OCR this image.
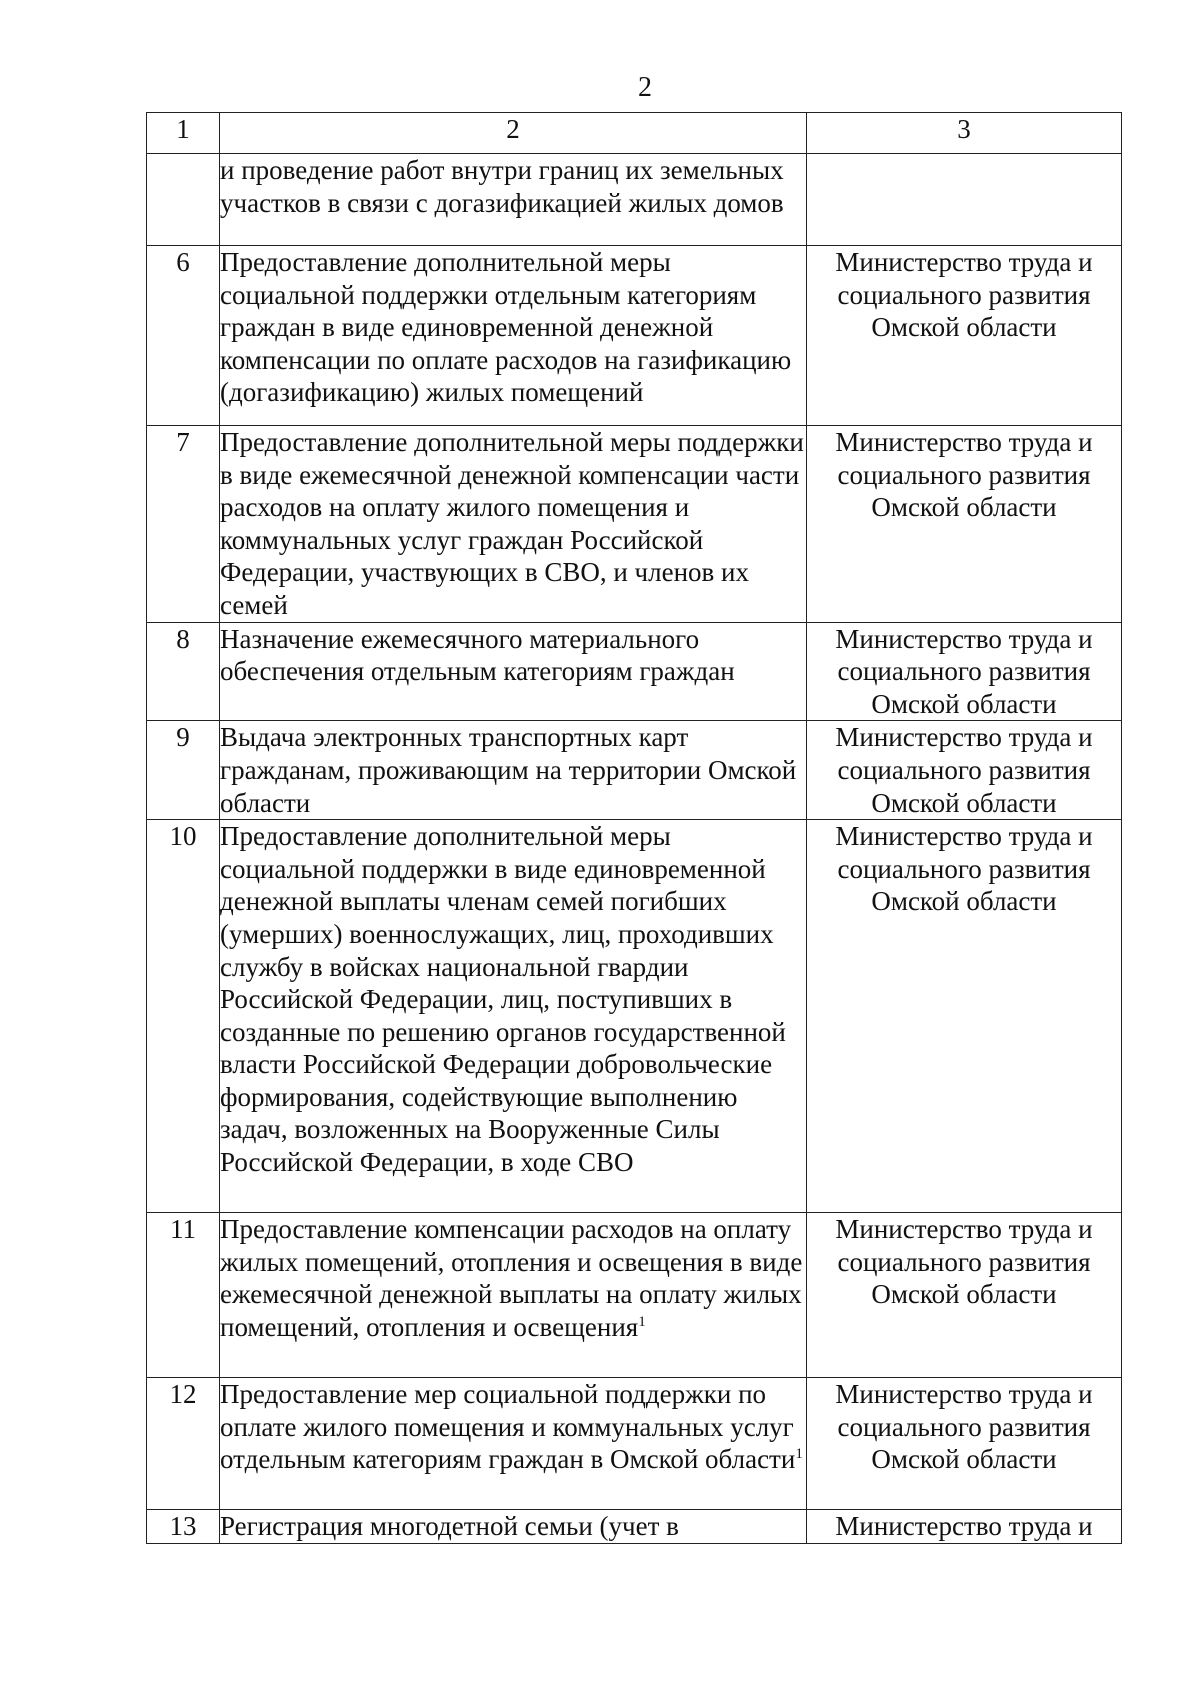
2
1	2	3
	и проведение работ внутри границ их земельных участков в связи с догазификацией жилых домов	
6	Предоставление дополнительной меры социальной поддержки отдельным категориям граждан в виде единовременной денежной компенсации по оплате расходов на газификацию (догазификацию) жилых помещений	Министерство труда и социального развития Омской области
7	Предоставление дополнительной меры поддержки в виде ежемесячной денежной компенсации части расходов на оплату жилого помещения и коммунальных услуг граждан Российской Федерации, участвующих в СВО, и членов их семей	Министерство труда и социального развития Омской области
8	Назначение ежемесячного материального обеспечения отдельным категориям граждан	Министерство труда и социального развития Омской области
9	Выдача электронных транспортных карт гражданам, проживающим на территории Омской области	Министерство труда и социального развития Омской области
10	Предоставление дополнительной меры социальной поддержки в виде единовременной денежной выплаты членам семей погибших (умерших) военнослужащих, лиц, проходивших службу в войсках национальной гвардии Российской Федерации, лиц, поступивших в созданные по решению органов государственной власти Российской Федерации добровольческие формирования, содействующие выполнению задач, возложенных на Вооруженные Силы Российской Федерации, в ходе СВО	Министерство труда и социального развития Омской области
11	Предоставление компенсации расходов на оплату жилых помещений, отопления и освещения в виде ежемесячной денежной выплаты на оплату жилых помещений, отопления и освещения$^1$	Министерство труда и социального развития Омской области
12	Предоставление мер социальной поддержки по оплате жилого помещения и коммунальных услуг отдельным категориям граждан в Омской области$^1$	Министерство труда и социального развития Омской области
13	Регистрация многодетной семьи (учет в	Министерство труда и
